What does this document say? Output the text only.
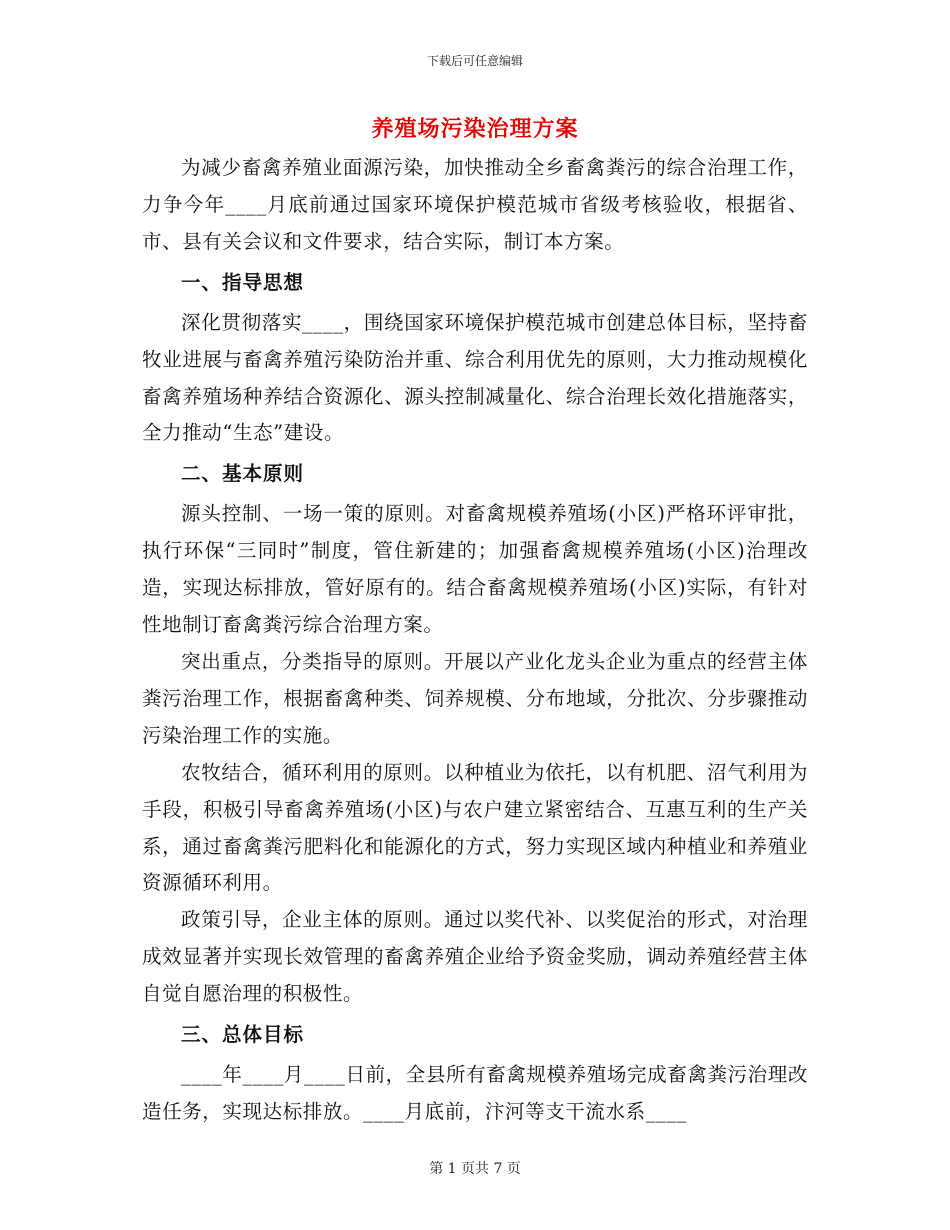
下载后可任意编辑
养殖场污染治理方案

为减少畜禽养殖业面源污染，加快推动全乡畜禽粪污的综合治理工作，力争今年____月底前通过国家环境保护模范城市省级考核验收，根据省、市、县有关会议和文件要求，结合实际，制订本方案。

一、指导思想

深化贯彻落实____，围绕国家环境保护模范城市创建总体目标，坚持畜牧业进展与畜禽养殖污染防治并重、综合利用优先的原则，大力推动规模化畜禽养殖场种养结合资源化、源头控制减量化、综合治理长效化措施落实，全力推动“生态”建设。

二、基本原则

源头控制、一场一策的原则。对畜禽规模养殖场(小区)严格环评审批，执行环保“三同时”制度，管住新建的；加强畜禽规模养殖场(小区)治理改造，实现达标排放，管好原有的。结合畜禽规模养殖场(小区)实际，有针对性地制订畜禽粪污综合治理方案。

突出重点，分类指导的原则。开展以产业化龙头企业为重点的经营主体粪污治理工作，根据畜禽种类、饲养规模、分布地域，分批次、分步骤推动污染治理工作的实施。

农牧结合，循环利用的原则。以种植业为依托，以有机肥、沼气利用为手段，积极引导畜禽养殖场(小区)与农户建立紧密结合、互惠互利的生产关系，通过畜禽粪污肥料化和能源化的方式，努力实现区域内种植业和养殖业资源循环利用。

政策引导，企业主体的原则。通过以奖代补、以奖促治的形式，对治理成效显著并实现长效管理的畜禽养殖企业给予资金奖励，调动养殖经营主体自觉自愿治理的积极性。

三、总体目标

____年____月____日前，全县所有畜禽规模养殖场完成畜禽粪污治理改造任务，实现达标排放。____月底前，汴河等支干流水系____

第 1 页共 7 页
